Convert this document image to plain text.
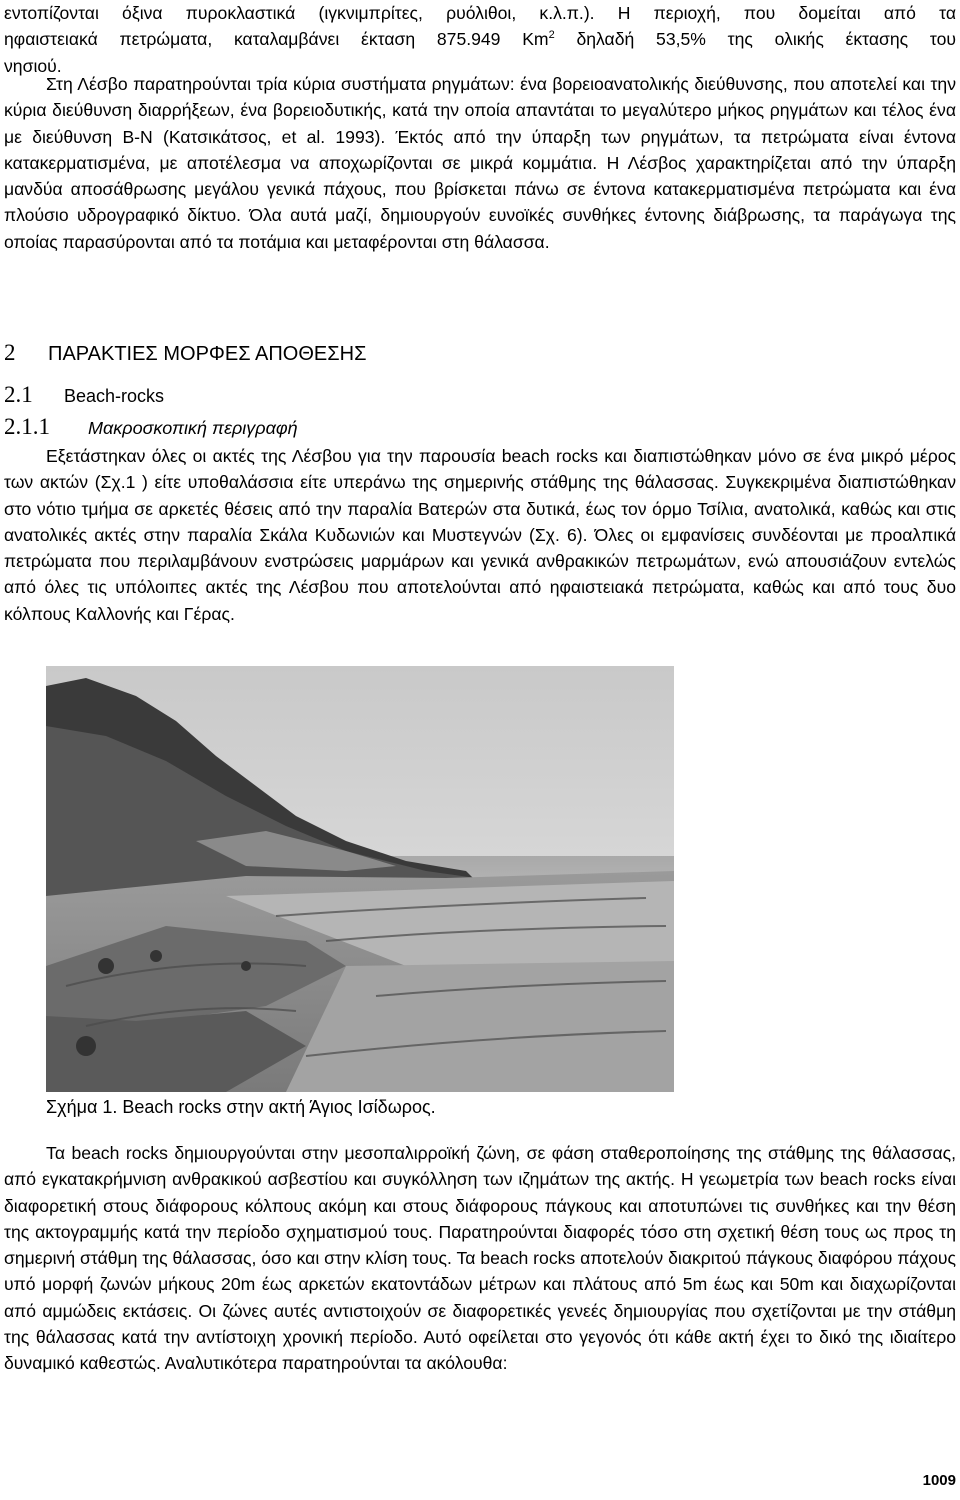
εντοπίζονται όξινα πυροκλαστικά (ιγκνιμπρίτες, ρυόλιθοι, κ.λ.π.). Η περιοχή, που δομείται από τα

ηφαιστειακά πετρώματα, καταλαμβάνει έκταση 875.949 Km$^2$ δηλαδή 53,5% της ολικής έκτασης του

νησιού.

Στη Λέσβο παρατηρούνται τρία κύρια συστήματα ρηγμάτων: ένα βορειοανατολικής διεύθυνσης, που αποτελεί και την κύρια διεύθυνση διαρρήξεων, ένα βορειοδυτικής, κατά την οποία απαντάται το μεγαλύτερο μήκος ρηγμάτων και τέλος ένα με διεύθυνση Β-Ν (Κατσικάτσος, et al. 1993). Έκτός από την ύπαρξη των ρηγμάτων, τα πετρώματα είναι έντονα κατακερματισμένα, με αποτέλεσμα να αποχωρίζονται σε μικρά κομμάτια. Η Λέσβος χαρακτηρίζεται από την ύπαρξη μανδύα αποσάθρωσης μεγάλου γενικά πάχους, που βρίσκεται πάνω σε έντονα κατακερματισμένα πετρώματα και ένα πλούσιο υδρογραφικό δίκτυο. Όλα αυτά μαζί, δημιουργούν ευνοϊκές συνθήκες έντονης διάβρωσης, τα παράγωγα της οποίας παρασύρονται από τα ποτάμια και μεταφέρονται στη θάλασσα.

2	ΠΑΡΑΚΤΙΕΣ ΜΟΡΦΕΣ ΑΠΟΘΕΣΗΣ
2.1	Beach-rocks
2.1.1	Μακροσκοπική περιγραφή

Εξετάστηκαν όλες οι ακτές της Λέσβου για την παρουσία beach rocks και διαπιστώθηκαν μόνο σε ένα μικρό μέρος των ακτών (Σχ.1 ) είτε υποθαλάσσια είτε υπεράνω της σημερινής στάθμης της θάλασσας. Συγκεκριμένα διαπιστώθηκαν στο νότιο τμήμα σε αρκετές θέσεις από την παραλία Βατερών στα δυτικά, έως τον όρμο Τσίλια, ανατολικά, καθώς και στις ανατολικές ακτές στην παραλία Σκάλα Κυδωνιών και Μυστεγνών (Σχ. 6). Όλες οι εμφανίσεις συνδέονται με προαλπικά πετρώματα που περιλαμβάνουν ενστρώσεις μαρμάρων και γενικά ανθρακικών πετρωμάτων, ενώ απουσιάζουν εντελώς από όλες τις υπόλοιπες ακτές της Λέσβου που αποτελούνται από ηφαιστειακά πετρώματα, καθώς και από τους δυο κόλπους Καλλονής και Γέρας.

Σχήμα 1. Beach rocks στην ακτή Άγιος Ισίδωρος.

Τα beach rocks δημιουργούνται στην μεσοπαλιρροϊκή ζώνη, σε φάση σταθεροποίησης της στάθμης της θάλασσας, από εγκατακρήμνιση ανθρακικού ασβεστίου και συγκόλληση των ιζημάτων της ακτής. Η γεωμετρία των beach rocks είναι διαφορετική στους διάφορους κόλπους ακόμη και στους διάφορους πάγκους και αποτυπώνει τις συνθήκες και την θέση της ακτογραμμής κατά την περίοδο σχηματισμού τους. Παρατηρούνται διαφορές τόσο στη σχετική θέση τους ως προς τη σημερινή στάθμη της θάλασσας, όσο και στην κλίση τους. Τα beach rocks αποτελούν διακριτού πάγκους διαφόρου πάχους υπό μορφή ζωνών μήκους 20m έως αρκετών εκατοντάδων μέτρων και πλάτους από 5m έως και 50m και διαχωρίζονται από αμμώδεις εκτάσεις. Οι ζώνες αυτές αντιστοιχούν σε διαφορετικές γενεές δημιουργίας που σχετίζονται με την στάθμη της θάλασσας κατά την αντίστοιχη χρονική περίοδο. Αυτό οφείλεται στο γεγονός ότι κάθε ακτή έχει το δικό της ιδιαίτερο δυναμικό καθεστώς. Αναλυτικότερα παρατηρούνται τα ακόλουθα:

1009
